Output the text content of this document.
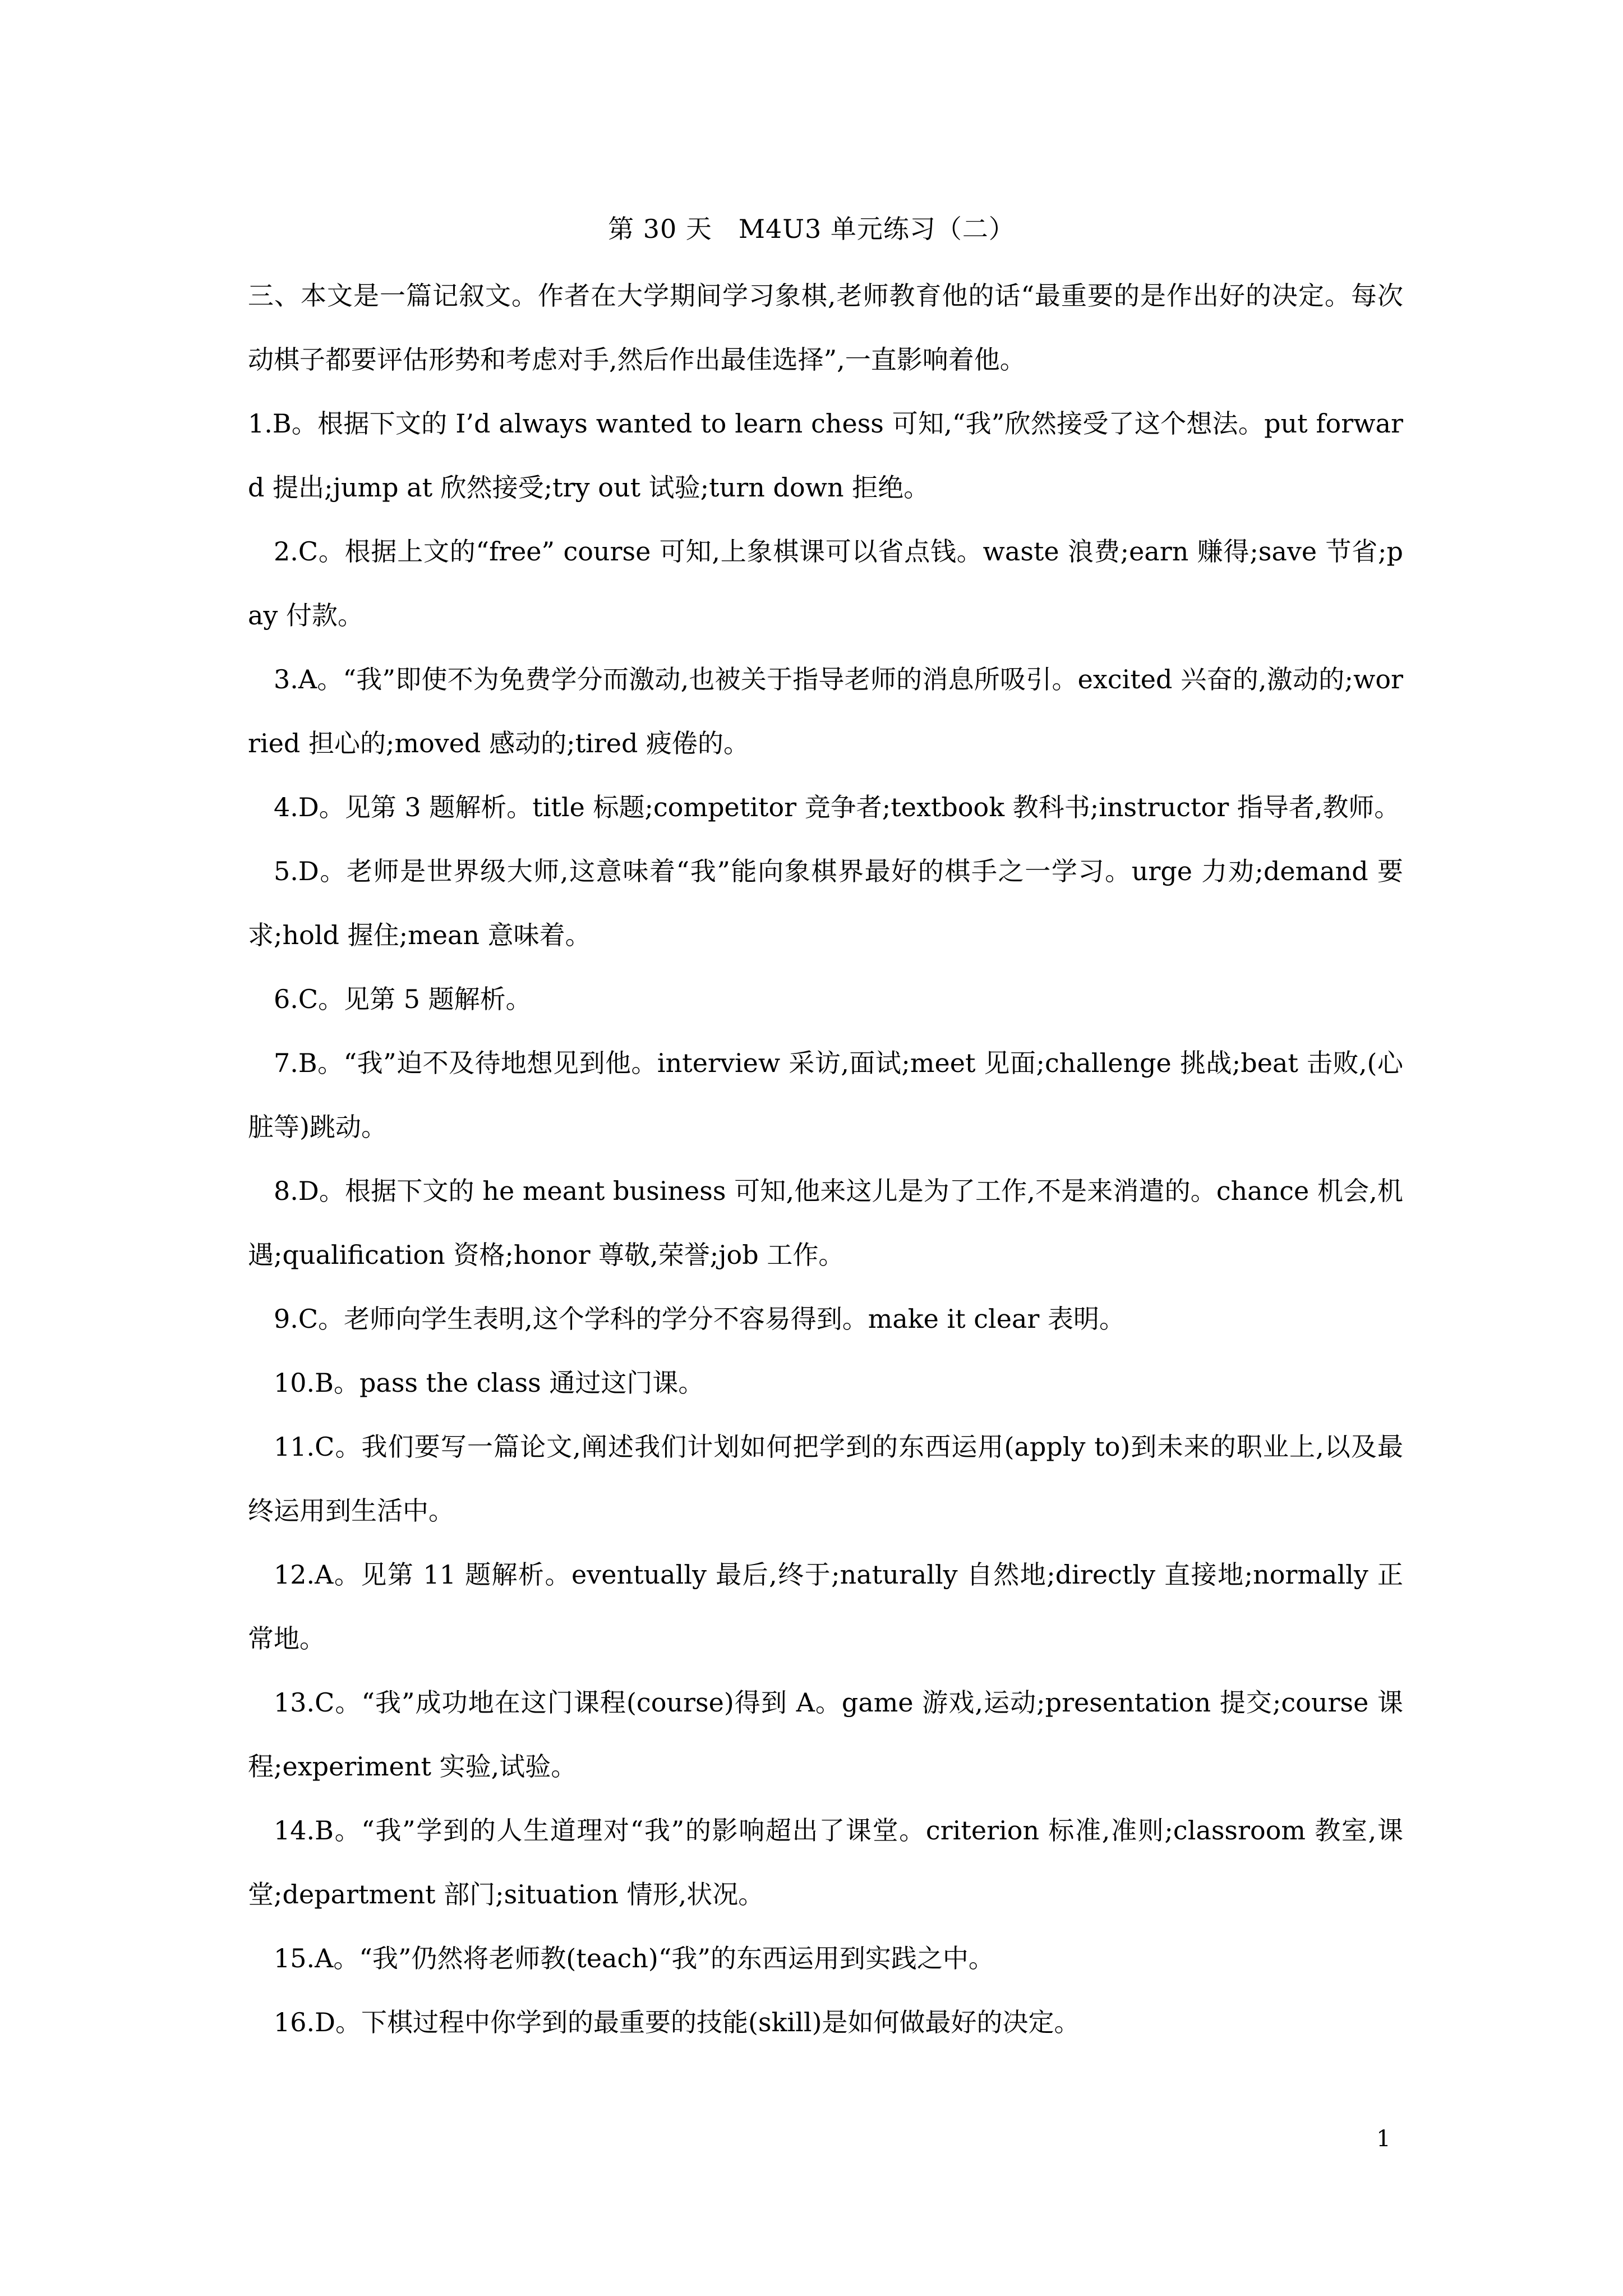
第 30 天　M4U3 单元练习（二）

三、本文是一篇记叙文。作者在大学期间学习象棋,老师教育他的话“最重要的是作出好的决定。每次动棋子都要评估形势和考虑对手,然后作出最佳选择”,一直影响着他。

1.B。根据下文的 I’d always wanted to learn chess 可知,“我”欣然接受了这个想法。put forward 提出;jump at 欣然接受;try out 试验;turn down 拒绝。

2.C。根据上文的“free” course 可知,上象棋课可以省点钱。waste 浪费;earn 赚得;save 节省;pay 付款。

3.A。“我”即使不为免费学分而激动,也被关于指导老师的消息所吸引。excited 兴奋的,激动的;worried 担心的;moved 感动的;tired 疲倦的。

4.D。见第 3 题解析。title 标题;competitor 竞争者;textbook 教科书;instructor 指导者,教师。

5.D。老师是世界级大师,这意味着“我”能向象棋界最好的棋手之一学习。urge 力劝;demand 要求;hold 握住;mean 意味着。

6.C。见第 5 题解析。

7.B。“我”迫不及待地想见到他。interview 采访,面试;meet 见面;challenge 挑战;beat 击败,(心脏等)跳动。

8.D。根据下文的 he meant business 可知,他来这儿是为了工作,不是来消遣的。chance 机会,机遇;qualification 资格;honor 尊敬,荣誉;job 工作。

9.C。老师向学生表明,这个学科的学分不容易得到。make it clear 表明。

10.B。pass the class 通过这门课。

11.C。我们要写一篇论文,阐述我们计划如何把学到的东西运用(apply to)到未来的职业上,以及最终运用到生活中。

12.A。见第 11 题解析。eventually 最后,终于;naturally 自然地;directly 直接地;normally 正常地。

13.C。“我”成功地在这门课程(course)得到 A。game 游戏,运动;presentation 提交;course 课程;experiment 实验,试验。

14.B。“我”学到的人生道理对“我”的影响超出了课堂。criterion 标准,准则;classroom 教室,课堂;department 部门;situation 情形,状况。

15.A。“我”仍然将老师教(teach)“我”的东西运用到实践之中。

16.D。下棋过程中你学到的最重要的技能(skill)是如何做最好的决定。

1
